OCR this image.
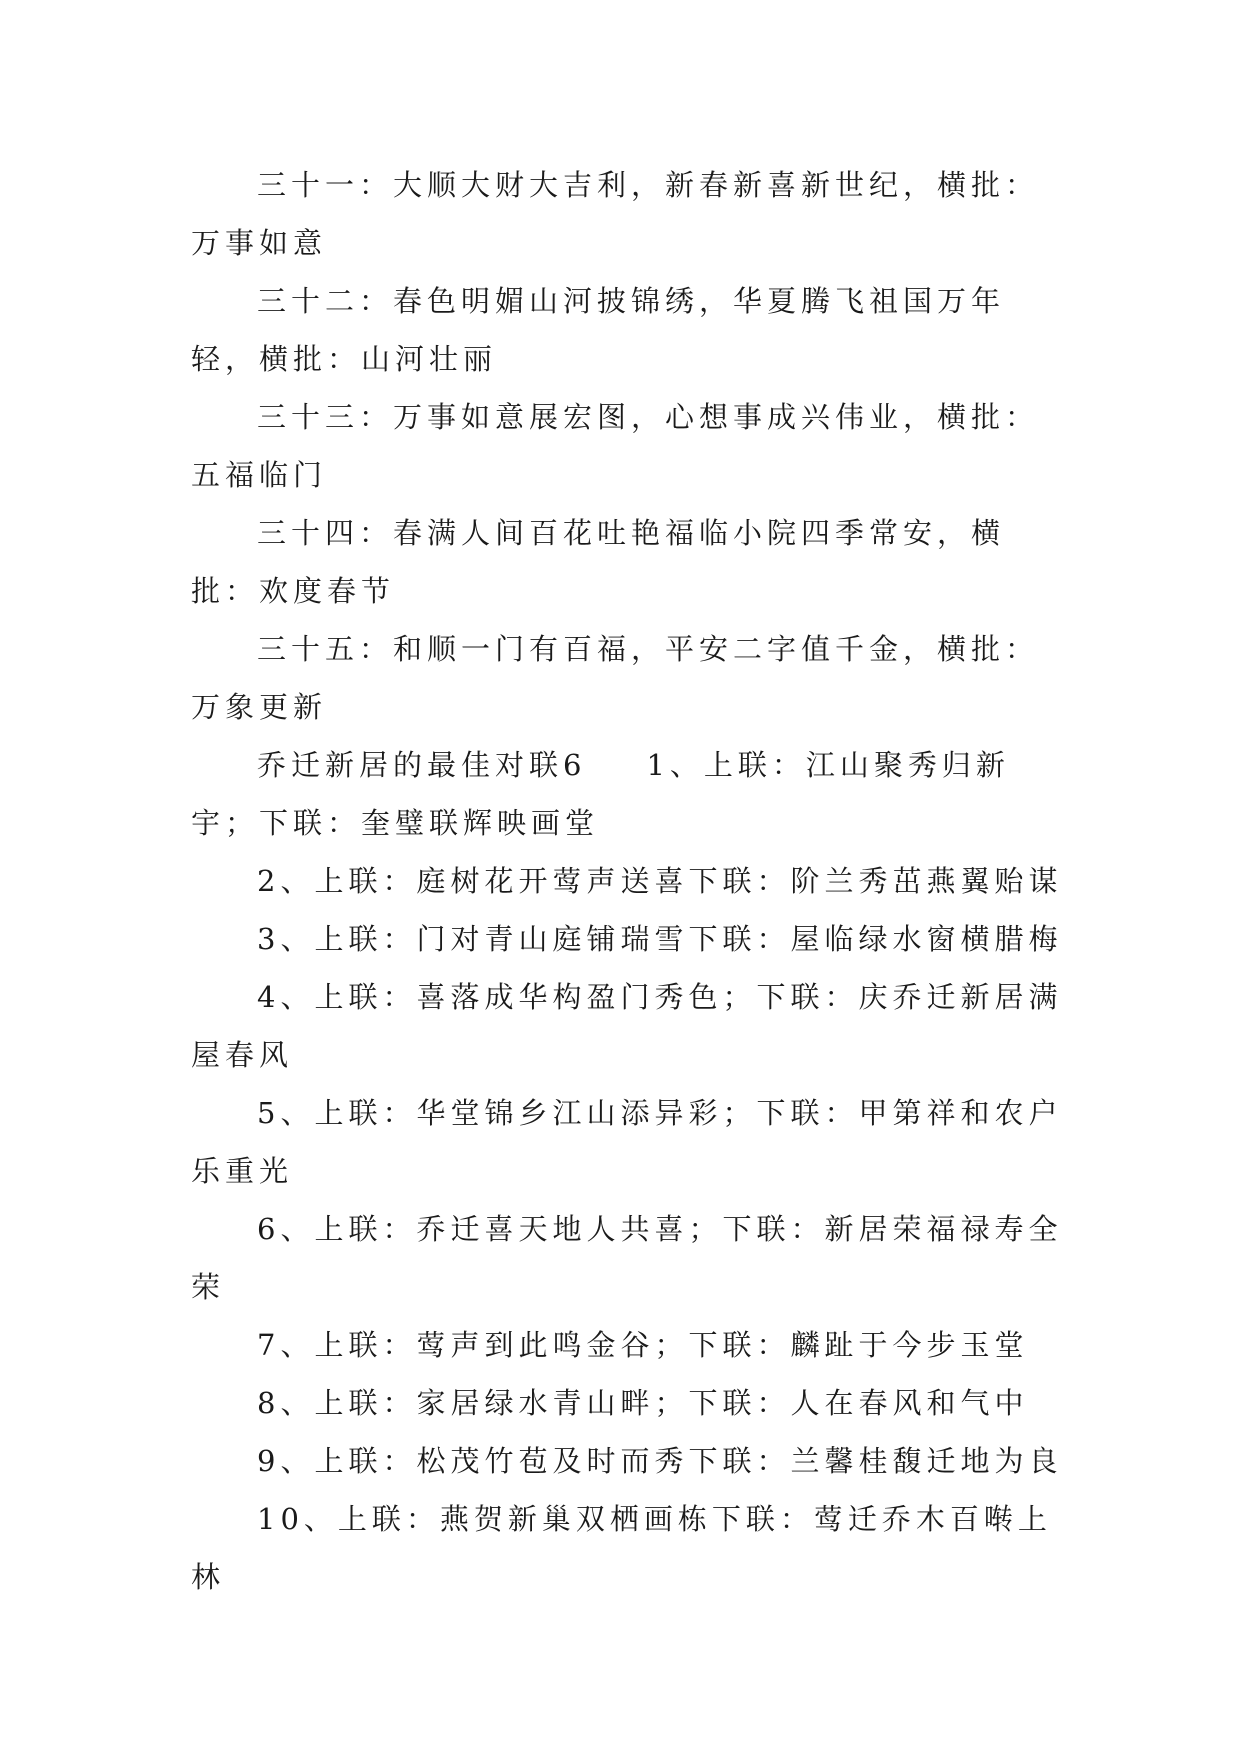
三十一：大顺大财大吉利，新春新喜新世纪，横批：万事如意

三十二：春色明媚山河披锦绣，华夏腾飞祖国万年轻，横批：山河壮丽

三十三：万事如意展宏图，心想事成兴伟业，横批：五福临门

三十四：春满人间百花吐艳福临小院四季常安，横批：欢度春节

三十五：和顺一门有百福，平安二字值千金，横批：万象更新

乔迁新居的最佳对联6 1、上联：江山聚秀归新宇；下联：奎璧联辉映画堂

2、上联：庭树花开莺声送喜下联：阶兰秀茁燕翼贻谋

3、上联：门对青山庭铺瑞雪下联：屋临绿水窗横腊梅

4、上联：喜落成华构盈门秀色；下联：庆乔迁新居满屋春风

5、上联：华堂锦乡江山添异彩；下联：甲第祥和农户乐重光

6、上联：乔迁喜天地人共喜；下联：新居荣福禄寿全荣

7、上联：莺声到此鸣金谷；下联：麟趾于今步玉堂

8、上联：家居绿水青山畔；下联：人在春风和气中

9、上联：松茂竹苞及时而秀下联：兰馨桂馥迁地为良

10、上联：燕贺新巢双栖画栋下联：莺迁乔木百啭上林
